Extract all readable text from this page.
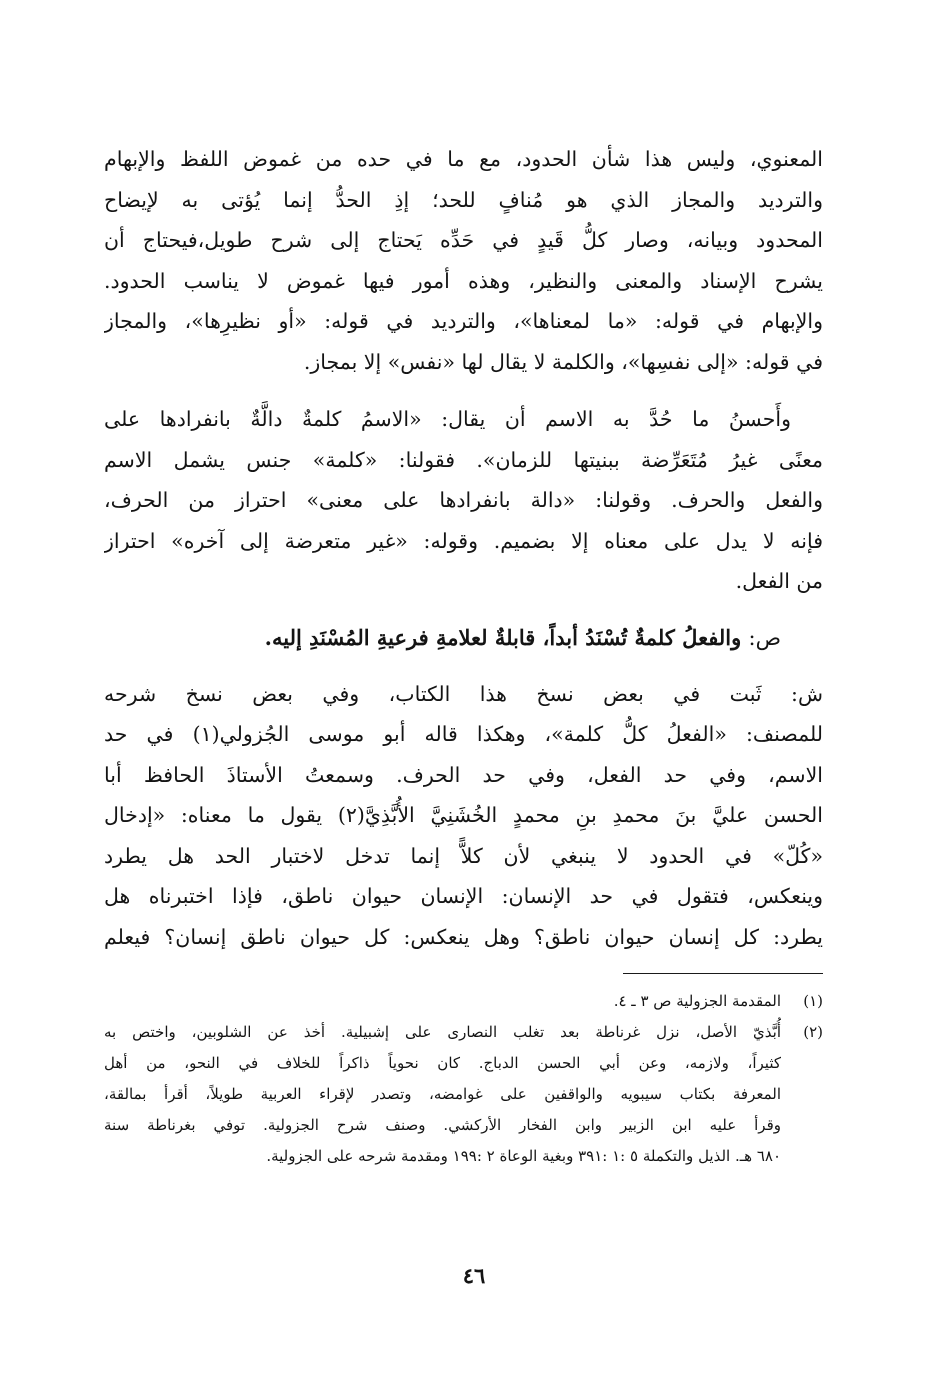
المعنوي، وليس هذا شأن الحدود، مع ما في حده من غموض اللفظ والإبهام
والترديد والمجاز الذي هو مُنافٍ للحد؛ إذِ الحدُّ إنما يُؤتى به لإيضاح
المحدود وبيانه، وصار كلُّ قَيدٍ في حَدِّه يَحتاج إلى شرح طويل،فيحتاج أن
يشرح الإسناد والمعنى والنظير، وهذه أمور فيها غموض لا يناسب الحدود.
والإبهام في قوله: «ما لمعناها»، والترديد في قوله: «أو نظيرِها»، والمجاز
في قوله: «إلى نفسِها»، والكلمة لا يقال لها «نفس» إلا بمجاز.
وأَحسنُ ما حُدَّ به الاسم أن يقال: «الاسمُ كلمةٌ دالَّةٌ بانفرادها على
معنًى غيرُ مُتَعَرِّضة ببنيتها للزمان». فقولنا: «كلمة» جنس يشمل الاسم
والفعل والحرف. وقولنا: «دالة بانفرادها على معنى» احتراز من الحرف،
فإنه لا يدل على معناه إلا بضميم. وقوله: «غير متعرضة إلى آخره» احتراز
من الفعل.

ص: والفعلُ كلمةٌ تُسْنَدُ أبداً، قابلةٌ لعلامةِ فرعيةِ المُسْنَدِ إليه.

ش: ثَبت في بعض نسخ هذا الكتاب، وفي بعض نسخ شرحه
للمصنف: «الفعلُ كلُّ كلمة»، وهكذا قاله أبو موسى الجُزولي(١) في حد
الاسم، وفي حد الفعل، وفي حد الحرف. وسمعتُ الأستاذَ الحافظ أبا
الحسن عليَّ بنَ محمدِ بنِ محمدٍ الخُشَنِيَّ الأُبَّذِيَّ(٢) يقول ما معناه: «إدخال
«كُلّ» في الحدود لا ينبغي لأن كلاًّ إنما تدخل لاختبار الحد هل يطرد
وينعكس، فتقول في حد الإنسان: الإنسان حيوان ناطق، فإذا اختبرناه هل
يطرد: كل إنسان حيوان ناطق؟ وهل ينعكس: كل حيوان ناطق إنسان؟ فيعلم
(١)
المقدمة الجزولية ص ٣ ـ ٤.
(٢)
أُبَّذيّ الأصل، نزل غرناطة بعد تغلب النصارى على إشبيلية. أخذ عن الشلوبين، واختص به
كثيراً، ولازمه، وعن أبي الحسن الدباج. كان نحوياً ذاكراً للخلاف في النحو، من أهل
المعرفة بكتاب سيبويه والواقفين على غوامضه، وتصدر لإقراء العربية طويلاً، أقرأ بمالقة،
وقرأ عليه ابن الزبير وابن الفخار الأركشي. وصنف شرح الجزولية. توفي بغرناطة سنة
٦٨٠ هـ. الذيل والتكملة ٥ :١ :٣٩١ وبغية الوعاة ٢ :١٩٩ ومقدمة شرحه على الجزولية.
٤٦
